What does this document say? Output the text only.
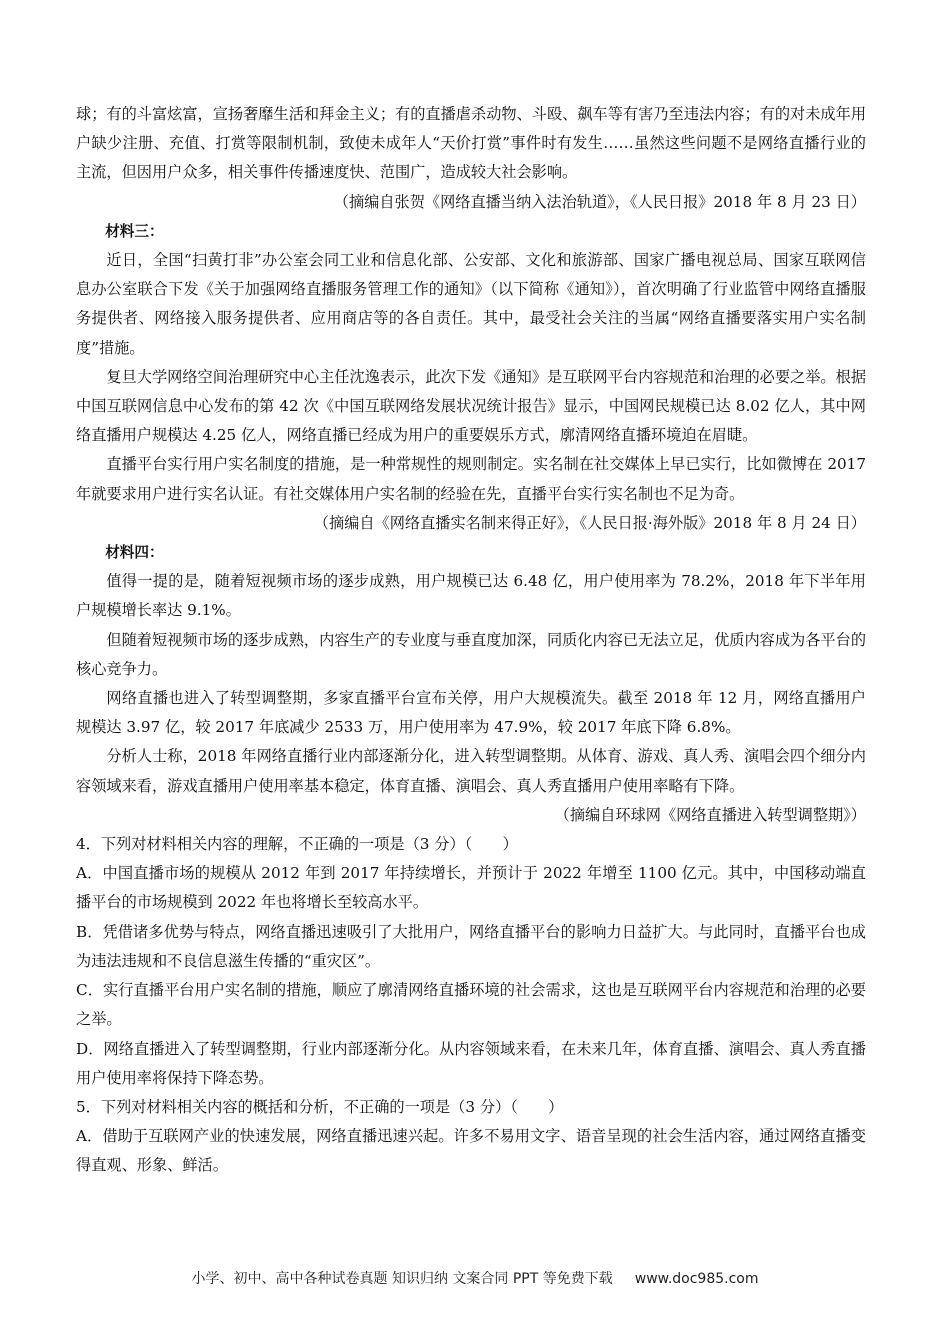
球；有的斗富炫富，宣扬奢靡生活和拜金主义；有的直播虐杀动物、斗殴、飙车等有害乃至违法内容；有的对未成年用户缺少注册、充值、打赏等限制机制，致使未成年人“天价打赏”事件时有发生……虽然这些问题不是网络直播行业的主流，但因用户众多，相关事件传播速度快、范围广，造成较大社会影响。

（摘编自张贺《网络直播当纳入法治轨道》，《人民日报》2018 年 8 月 23 日）

材料三：

近日，全国“扫黄打非”办公室会同工业和信息化部、公安部、文化和旅游部、国家广播电视总局、国家互联网信息办公室联合下发《关于加强网络直播服务管理工作的通知》（以下简称《通知》），首次明确了行业监管中网络直播服务提供者、网络接入服务提供者、应用商店等的各自责任。其中，最受社会关注的当属“网络直播要落实用户实名制度”措施。

复旦大学网络空间治理研究中心主任沈逸表示，此次下发《通知》是互联网平台内容规范和治理的必要之举。根据中国互联网信息中心发布的第 42 次《中国互联网络发展状况统计报告》显示，中国网民规模已达 8.02 亿人，其中网络直播用户规模达 4.25 亿人，网络直播已经成为用户的重要娱乐方式，廓清网络直播环境迫在眉睫。

直播平台实行用户实名制度的措施，是一种常规性的规则制定。实名制在社交媒体上早已实行，比如微博在 2017 年就要求用户进行实名认证。有社交媒体用户实名制的经验在先，直播平台实行实名制也不足为奇。

（摘编自《网络直播实名制来得正好》，《人民日报·海外版》2018 年 8 月 24 日）

材料四：

值得一提的是，随着短视频市场的逐步成熟，用户规模已达 6.48 亿，用户使用率为 78.2%，2018 年下半年用户规模增长率达 9.1%。

但随着短视频市场的逐步成熟，内容生产的专业度与垂直度加深，同质化内容已无法立足，优质内容成为各平台的核心竞争力。

网络直播也进入了转型调整期，多家直播平台宣布关停，用户大规模流失。截至 2018 年 12 月，网络直播用户规模达 3.97 亿，较 2017 年底减少 2533 万，用户使用率为 47.9%，较 2017 年底下降 6.8%。

分析人士称，2018 年网络直播行业内部逐渐分化，进入转型调整期。从体育、游戏、真人秀、演唱会四个细分内容领域来看，游戏直播用户使用率基本稳定，体育直播、演唱会、真人秀直播用户使用率略有下降。

（摘编自环球网《网络直播进入转型调整期》）

4．下列对材料相关内容的理解，不正确的一项是（3 分）（　　）

A．中国直播市场的规模从 2012 年到 2017 年持续增长，并预计于 2022 年增至 1100 亿元。其中，中国移动端直播平台的市场规模到 2022 年也将增长至较高水平。

B．凭借诸多优势与特点，网络直播迅速吸引了大批用户，网络直播平台的影响力日益扩大。与此同时，直播平台也成为违法违规和不良信息滋生传播的“重灾区”。

C．实行直播平台用户实名制的措施，顺应了廓清网络直播环境的社会需求，这也是互联网平台内容规范和治理的必要之举。

D．网络直播进入了转型调整期，行业内部逐渐分化。从内容领域来看，在未来几年，体育直播、演唱会、真人秀直播用户使用率将保持下降态势。

5．下列对材料相关内容的概括和分析，不正确的一项是（3 分）（　　）

A．借助于互联网产业的快速发展，网络直播迅速兴起。许多不易用文字、语音呈现的社会生活内容，通过网络直播变得直观、形象、鲜活。

小学、初中、高中各种试卷真题 知识归纳 文案合同 PPT 等免费下载 www.doc985.com
